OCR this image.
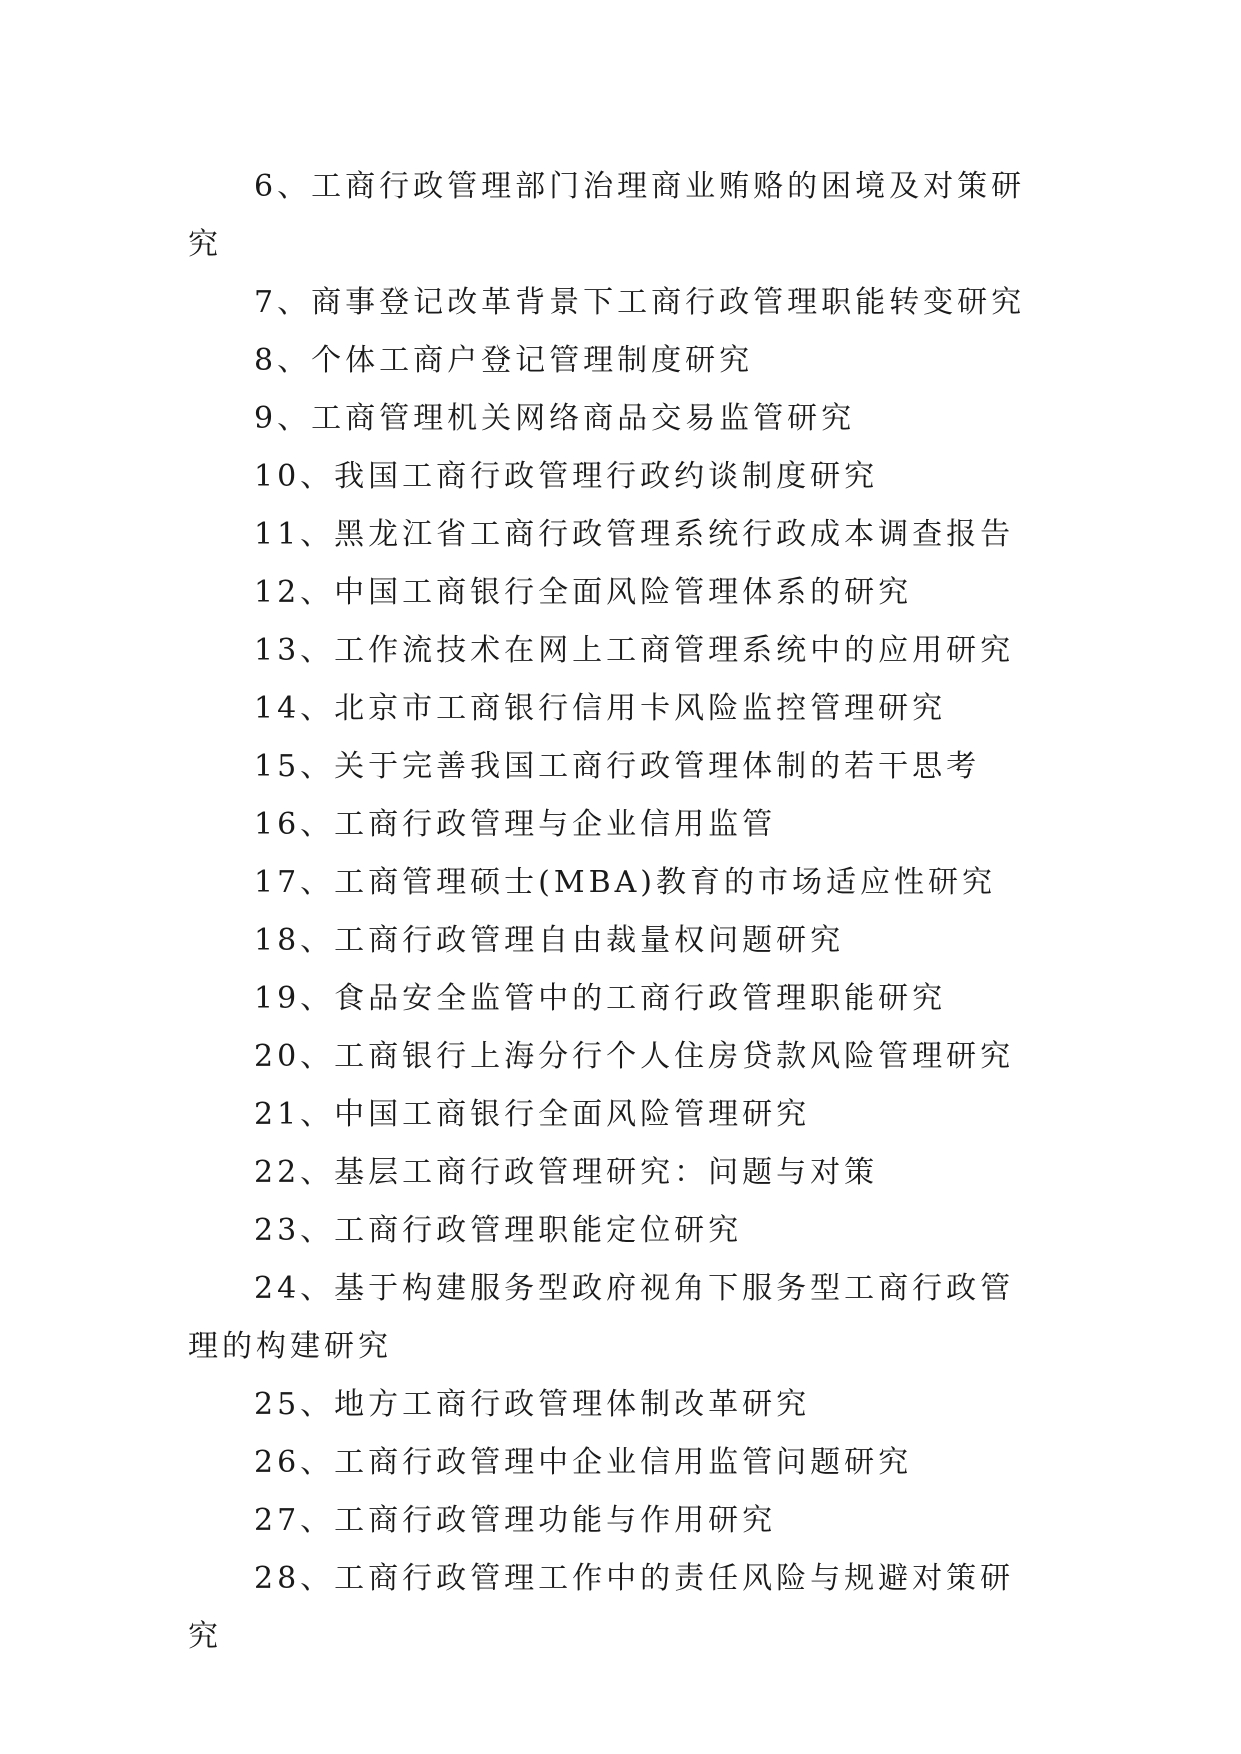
6、工商行政管理部门治理商业贿赂的困境及对策研究
7、商事登记改革背景下工商行政管理职能转变研究
8、个体工商户登记管理制度研究
9、工商管理机关网络商品交易监管研究
10、我国工商行政管理行政约谈制度研究
11、黑龙江省工商行政管理系统行政成本调查报告
12、中国工商银行全面风险管理体系的研究
13、工作流技术在网上工商管理系统中的应用研究
14、北京市工商银行信用卡风险监控管理研究
15、关于完善我国工商行政管理体制的若干思考
16、工商行政管理与企业信用监管
17、工商管理硕士(MBA)教育的市场适应性研究
18、工商行政管理自由裁量权问题研究
19、食品安全监管中的工商行政管理职能研究
20、工商银行上海分行个人住房贷款风险管理研究
21、中国工商银行全面风险管理研究
22、基层工商行政管理研究：问题与对策
23、工商行政管理职能定位研究
24、基于构建服务型政府视角下服务型工商行政管理的构建研究
25、地方工商行政管理体制改革研究
26、工商行政管理中企业信用监管问题研究
27、工商行政管理功能与作用研究
28、工商行政管理工作中的责任风险与规避对策研究
